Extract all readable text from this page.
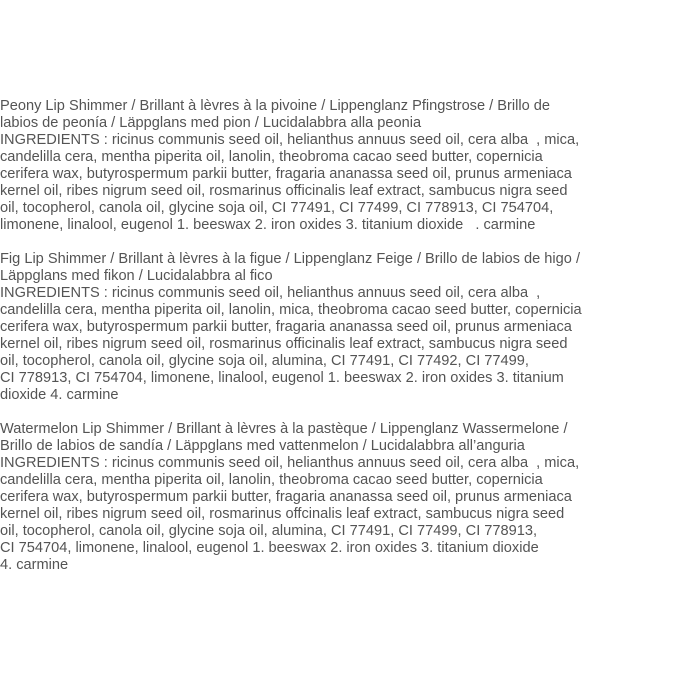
Peony Lip Shimmer / Brillant à lèvres à la pivoine / Lippenglanz Pfingstrose / Brillo de
labios de peonía / Läppglans med pion / Lucidalabbra alla peonia
INGREDIENTS : ricinus communis seed oil, helianthus annuus seed oil, cera alba  , mica,
candelilla cera, mentha piperita oil, lanolin, theobroma cacao seed butter, copernicia
cerifera wax, butyrospermum parkii butter, fragaria ananassa seed oil, prunus armeniaca
kernel oil, ribes nigrum seed oil, rosmarinus officinalis leaf extract, sambucus nigra seed
oil, tocopherol, canola oil, glycine soja oil, CI 77491, CI 77499, CI 778913, CI 754704,
limonene, linalool, eugenol 1. beeswax 2. iron oxides 3. titanium dioxide   . carmine
Fig Lip Shimmer / Brillant à lèvres à la figue / Lippenglanz Feige / Brillo de labios de higo /
Läppglans med fikon / Lucidalabbra al fico
INGREDIENTS : ricinus communis seed oil, helianthus annuus seed oil, cera alba  ,
candelilla cera, mentha piperita oil, lanolin, mica, theobroma cacao seed butter, copernicia
cerifera wax, butyrospermum parkii butter, fragaria ananassa seed oil, prunus armeniaca
kernel oil, ribes nigrum seed oil, rosmarinus officinalis leaf extract, sambucus nigra seed
oil, tocopherol, canola oil, glycine soja oil, alumina, CI 77491, CI 77492, CI 77499,
CI 778913, CI 754704, limonene, linalool, eugenol 1. beeswax 2. iron oxides 3. titanium
dioxide 4. carmine
Watermelon Lip Shimmer / Brillant à lèvres à la pastèque / Lippenglanz Wassermelone /
Brillo de labios de sandía / Läppglans med vattenmelon / Lucidalabbra all’anguria
INGREDIENTS : ricinus communis seed oil, helianthus annuus seed oil, cera alba  , mica,
candelilla cera, mentha piperita oil, lanolin, theobroma cacao seed butter, copernicia
cerifera wax, butyrospermum parkii butter, fragaria ananassa seed oil, prunus armeniaca
kernel oil, ribes nigrum seed oil, rosmarinus offcinalis leaf extract, sambucus nigra seed
oil, tocopherol, canola oil, glycine soja oil, alumina, CI 77491, CI 77499, CI 778913,
CI 754704, limonene, linalool, eugenol 1. beeswax 2. iron oxides 3. titanium dioxide
4. carmine
